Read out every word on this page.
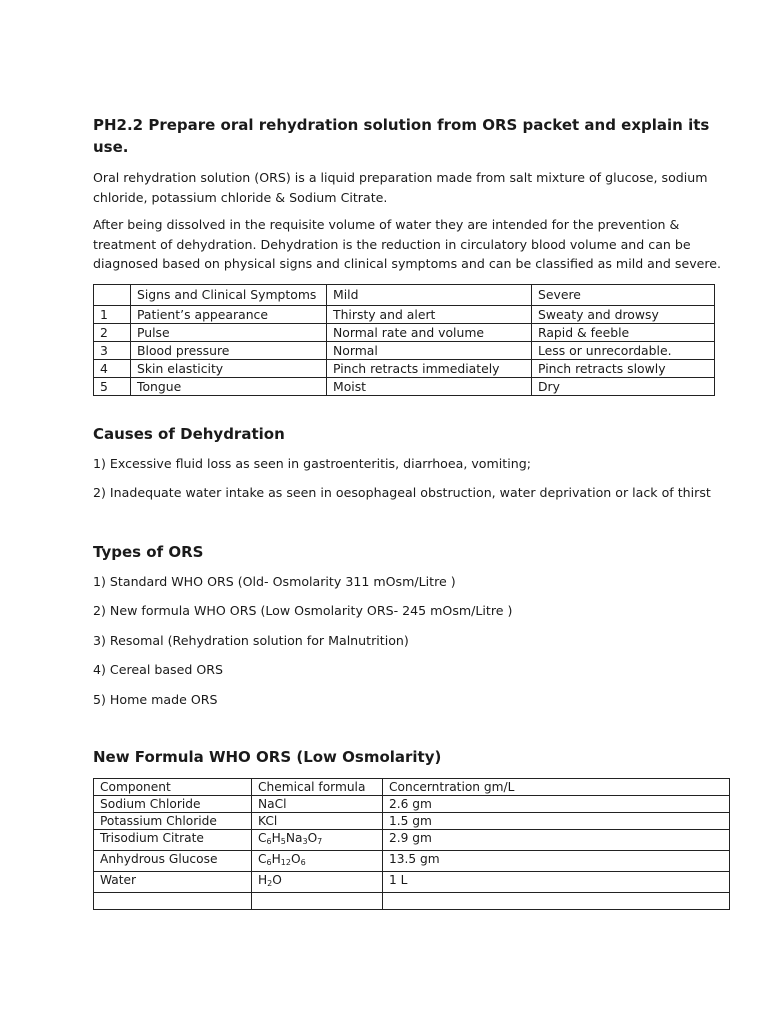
PH2.2 Prepare oral rehydration solution from ORS packet and explain its use.

Oral rehydration solution (ORS) is a liquid preparation made from salt mixture of glucose, sodium chloride, potassium chloride & Sodium Citrate.

After being dissolved in the requisite volume of water they are intended for the prevention & treatment of dehydration. Dehydration is the reduction in circulatory blood volume and can be diagnosed based on physical signs and clinical symptoms and can be classified as mild and severe.

	Signs and Clinical Symptoms	Mild	Severe
1	Patient’s appearance	Thirsty and alert	Sweaty and drowsy
2	Pulse	Normal rate and volume	Rapid & feeble
3	Blood pressure	Normal	Less or unrecordable.
4	Skin elasticity	Pinch retracts immediately	Pinch retracts slowly
5	Tongue	Moist	Dry
Causes of Dehydration

1) Excessive fluid loss as seen in gastroenteritis, diarrhoea, vomiting;

2) Inadequate water intake as seen in oesophageal obstruction, water deprivation or lack of thirst

Types of ORS

1) Standard WHO ORS (Old- Osmolarity 311 mOsm/Litre )

2) New formula WHO ORS (Low Osmolarity ORS- 245 mOsm/Litre )

3) Resomal (Rehydration solution for Malnutrition)

4) Cereal based ORS

5) Home made ORS

New Formula WHO ORS (Low Osmolarity)
Component	Chemical formula	Concerntration gm/L
Sodium Chloride	NaCl	2.6 gm
Potassium Chloride	KCl	1.5 gm
Trisodium Citrate	$C_6H_5Na_3O_7$	2.9 gm
Anhydrous Glucose	$C_6H_{12}O_6$	13.5 gm
Water	$H_2O$	1 L
